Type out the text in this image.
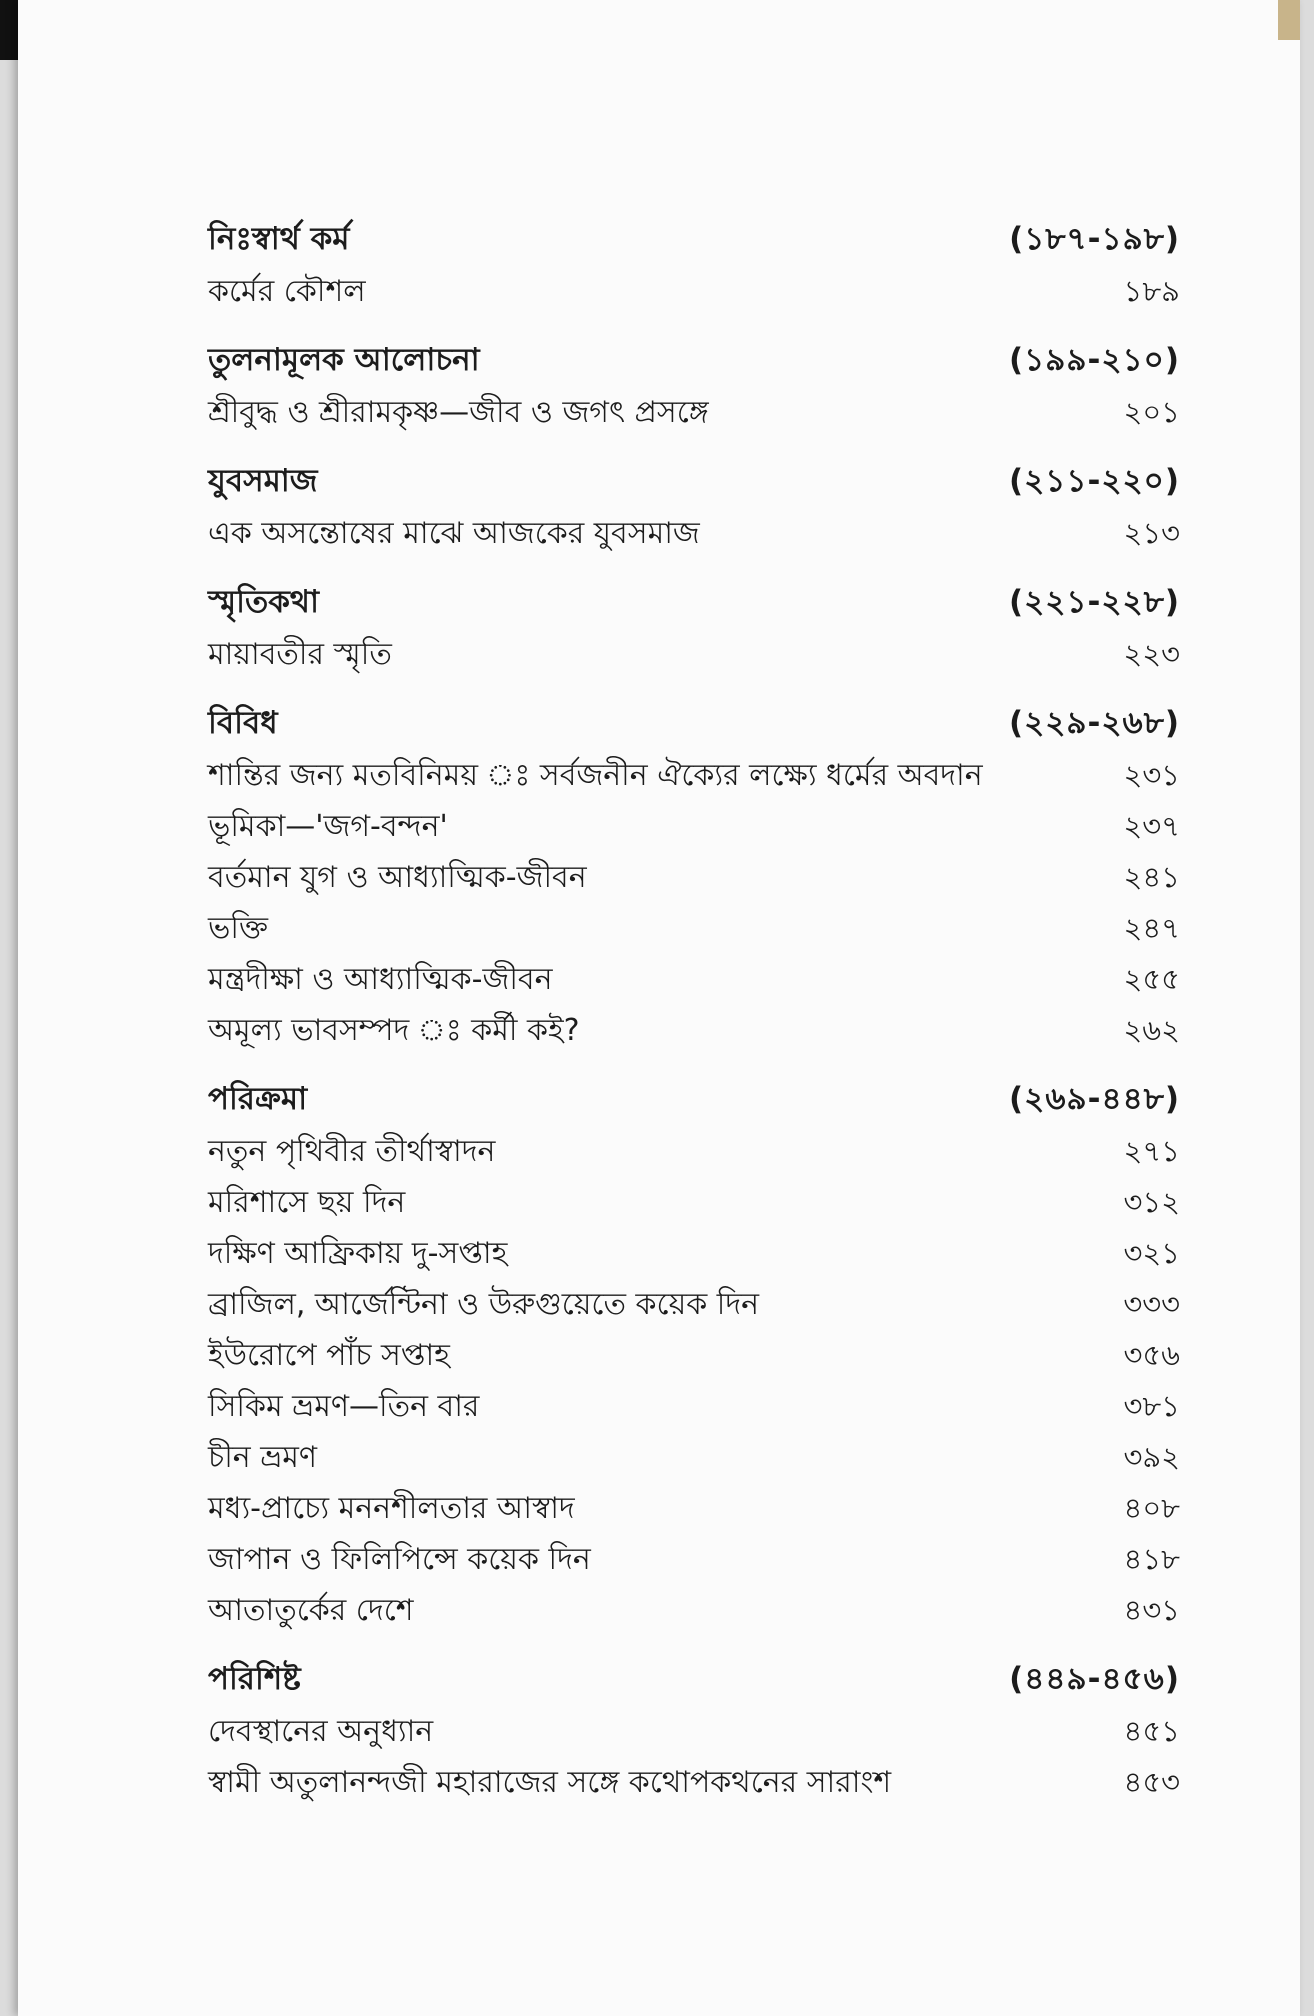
নিঃস্বার্থ কর্ম	(১৮৭-১৯৮)
কর্মের কৌশল	১৮৯
তুলনামূলক আলোচনা	(১৯৯-২১০)
শ্রীবুদ্ধ ও শ্রীরামকৃষ্ণ—জীব ও জগৎ প্রসঙ্গে	২০১
যুবসমাজ	(২১১-২২০)
এক অসন্তোষের মাঝে আজকের যুবসমাজ	২১৩
স্মৃতিকথা	(২২১-২২৮)
মায়াবতীর স্মৃতি	২২৩
বিবিধ	(২২৯-২৬৮)
শান্তির জন্য মতবিনিময় ঃ সর্বজনীন ঐক্যের লক্ষ্যে ধর্মের অবদান	২৩১
ভূমিকা—'জগ-বন্দন'	২৩৭
বর্তমান যুগ ও আধ্যাত্মিক-জীবন	২৪১
ভক্তি	২৪৭
মন্ত্রদীক্ষা ও আধ্যাত্মিক-জীবন	২৫৫
অমূল্য ভাবসম্পদ ঃ কর্মী কই?	২৬২
পরিক্রমা	(২৬৯-৪৪৮)
নতুন পৃথিবীর তীর্থাস্বাদন	২৭১
মরিশাসে ছয় দিন	৩১২
দক্ষিণ আফ্রিকায় দু-সপ্তাহ	৩২১
ব্রাজিল, আর্জেন্টিনা ও উরুগুয়েতে কয়েক দিন	৩৩৩
ইউরোপে পাঁচ সপ্তাহ	৩৫৬
সিকিম ভ্রমণ—তিন বার	৩৮১
চীন ভ্রমণ	৩৯২
মধ্য-প্রাচ্যে মননশীলতার আস্বাদ	৪০৮
জাপান ও ফিলিপিন্সে কয়েক দিন	৪১৮
আতাতুর্কের দেশে	৪৩১
পরিশিষ্ট	(৪৪৯-৪৫৬)
দেবস্থানের অনুধ্যান	৪৫১
স্বামী অতুলানন্দজী মহারাজের সঙ্গে কথোপকথনের সারাংশ	৪৫৩
